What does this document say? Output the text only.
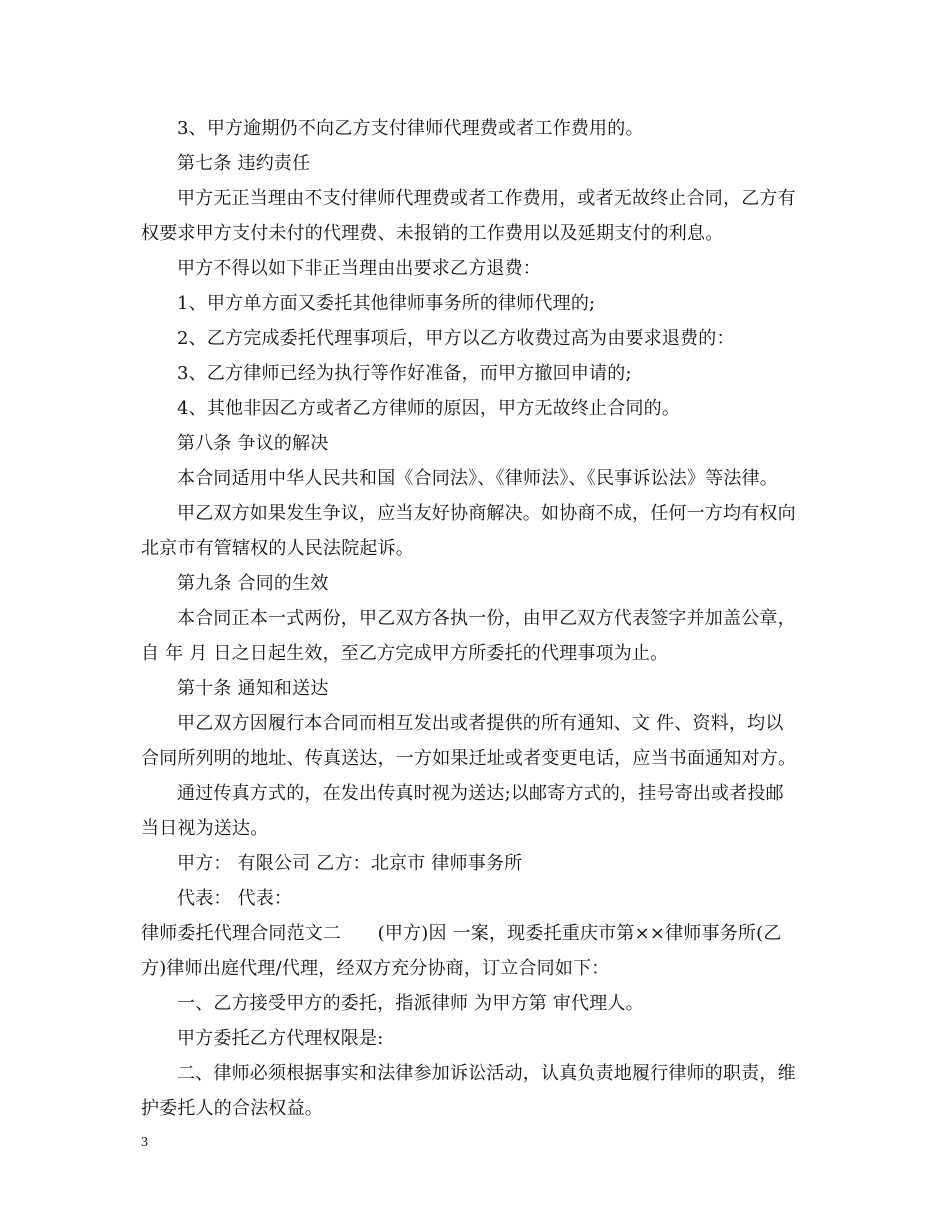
3、甲方逾期仍不向乙方支付律师代理费或者工作费用的。
第七条 违约责任
甲方无正当理由不支付律师代理费或者工作费用，或者无故终止合同，乙方有
权要求甲方支付未付的代理费、未报销的工作费用以及延期支付的利息。
甲方不得以如下非正当理由出要求乙方退费：
1、甲方单方面又委托其他律师事务所的律师代理的;
2、乙方完成委托代理事项后，甲方以乙方收费过高为由要求退费的：
3、乙方律师已经为执行等作好准备，而甲方撤回申请的;
4、其他非因乙方或者乙方律师的原因，甲方无故终止合同的。
第八条 争议的解决
本合同适用中华人民共和国《合同法》、《律师法》、《民事诉讼法》等法律。
甲乙双方如果发生争议，应当友好协商解决。如协商不成，任何一方均有权向
北京市有管辖权的人民法院起诉。
第九条 合同的生效
本合同正本一式两份，甲乙双方各执一份，由甲乙双方代表签字并加盖公章，
自 年 月 日之日起生效，至乙方完成甲方所委托的代理事项为止。
第十条 通知和送达
甲乙双方因履行本合同而相互发出或者提供的所有通知、文 件、资料，均以
合同所列明的地址、传真送达，一方如果迁址或者变更电话，应当书面通知对方。
通过传真方式的，在发出传真时视为送达;以邮寄方式的，挂号寄出或者投邮
当日视为送达。
甲方： 有限公司 乙方：北京市 律师事务所
代表： 代表：
律师委托代理合同范文二　　(甲方)因 一案，现委托重庆市第××律师事务所(乙
方)律师出庭代理/代理，经双方充分协商，订立合同如下：
一、乙方接受甲方的委托，指派律师 为甲方第 审代理人。
甲方委托乙方代理权限是:
二、律师必须根据事实和法律参加诉讼活动，认真负责地履行律师的职责，维
护委托人的合法权益。
3
